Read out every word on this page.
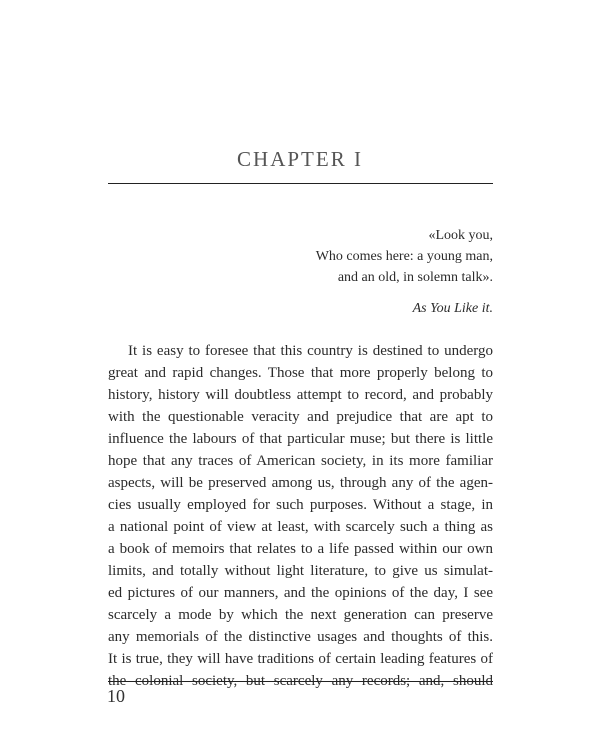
CHAPTER I
«Look you,
Who comes here: a young man,
and an old, in solemn talk».
As You Like it.
It is easy to foresee that this country is destined to undergo
great and rapid changes. Those that more properly belong to
history, history will doubtless attempt to record, and probably
with the questionable veracity and prejudice that are apt to
influence the labours of that particular muse; but there is little
hope that any traces of American society, in its more familiar
aspects, will be preserved among us, through any of the agen-
cies usually employed for such purposes. Without a stage, in
a national point of view at least, with scarcely such a thing as
a book of memoirs that relates to a life passed within our own
limits, and totally without light literature, to give us simulat-
ed pictures of our manners, and the opinions of the day, I see
scarcely a mode by which the next generation can preserve
any memorials of the distinctive usages and thoughts of this.
It is true, they will have traditions of certain leading features of
the colonial society, but scarcely any records; and, should
10
